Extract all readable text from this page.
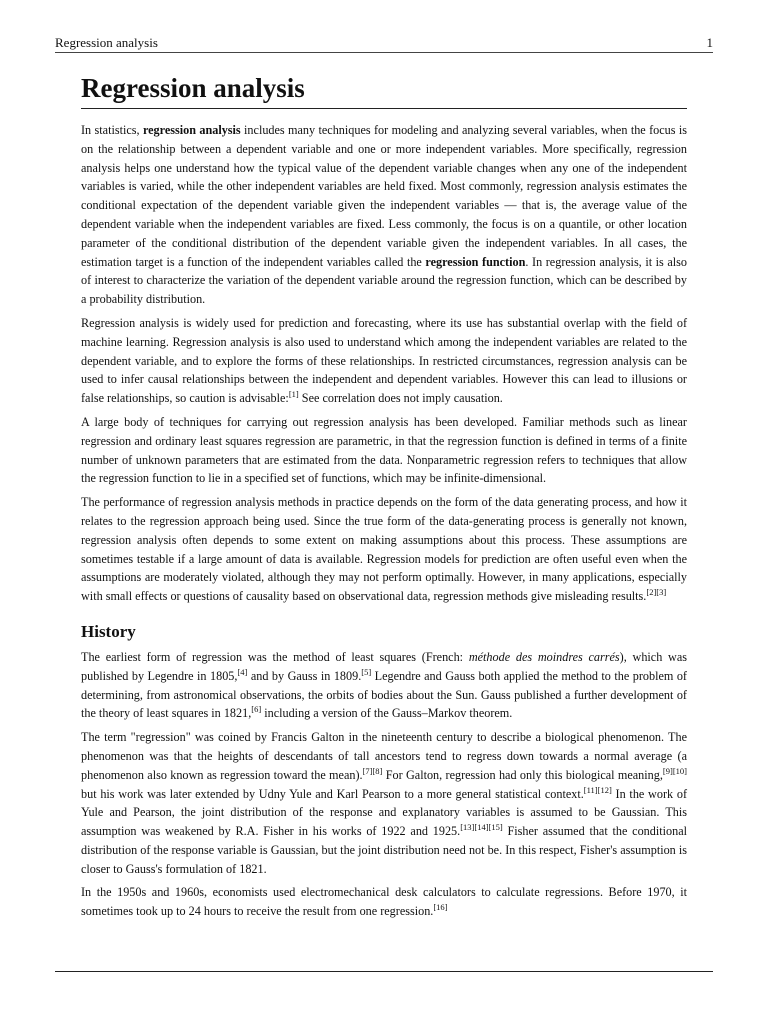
Regression analysis	1
Regression analysis

In statistics, regression analysis includes many techniques for modeling and analyzing several variables, when the focus is on the relationship between a dependent variable and one or more independent variables. More specifically, regression analysis helps one understand how the typical value of the dependent variable changes when any one of the independent variables is varied, while the other independent variables are held fixed. Most commonly, regression analysis estimates the conditional expectation of the dependent variable given the independent variables — that is, the average value of the dependent variable when the independent variables are fixed. Less commonly, the focus is on a quantile, or other location parameter of the conditional distribution of the dependent variable given the independent variables. In all cases, the estimation target is a function of the independent variables called the regression function. In regression analysis, it is also of interest to characterize the variation of the dependent variable around the regression function, which can be described by a probability distribution.

Regression analysis is widely used for prediction and forecasting, where its use has substantial overlap with the field of machine learning. Regression analysis is also used to understand which among the independent variables are related to the dependent variable, and to explore the forms of these relationships. In restricted circumstances, regression analysis can be used to infer causal relationships between the independent and dependent variables. However this can lead to illusions or false relationships, so caution is advisable:[1] See correlation does not imply causation.

A large body of techniques for carrying out regression analysis has been developed. Familiar methods such as linear regression and ordinary least squares regression are parametric, in that the regression function is defined in terms of a finite number of unknown parameters that are estimated from the data. Nonparametric regression refers to techniques that allow the regression function to lie in a specified set of functions, which may be infinite-dimensional.

The performance of regression analysis methods in practice depends on the form of the data generating process, and how it relates to the regression approach being used. Since the true form of the data-generating process is generally not known, regression analysis often depends to some extent on making assumptions about this process. These assumptions are sometimes testable if a large amount of data is available. Regression models for prediction are often useful even when the assumptions are moderately violated, although they may not perform optimally. However, in many applications, especially with small effects or questions of causality based on observational data, regression methods give misleading results.[2][3]

History

The earliest form of regression was the method of least squares (French: méthode des moindres carrés), which was published by Legendre in 1805,[4] and by Gauss in 1809.[5] Legendre and Gauss both applied the method to the problem of determining, from astronomical observations, the orbits of bodies about the Sun. Gauss published a further development of the theory of least squares in 1821,[6] including a version of the Gauss–Markov theorem.

The term "regression" was coined by Francis Galton in the nineteenth century to describe a biological phenomenon. The phenomenon was that the heights of descendants of tall ancestors tend to regress down towards a normal average (a phenomenon also known as regression toward the mean).[7][8] For Galton, regression had only this biological meaning,[9][10] but his work was later extended by Udny Yule and Karl Pearson to a more general statistical context.[11][12] In the work of Yule and Pearson, the joint distribution of the response and explanatory variables is assumed to be Gaussian. This assumption was weakened by R.A. Fisher in his works of 1922 and 1925.[13][14][15] Fisher assumed that the conditional distribution of the response variable is Gaussian, but the joint distribution need not be. In this respect, Fisher's assumption is closer to Gauss's formulation of 1821.

In the 1950s and 1960s, economists used electromechanical desk calculators to calculate regressions. Before 1970, it sometimes took up to 24 hours to receive the result from one regression.[16]
